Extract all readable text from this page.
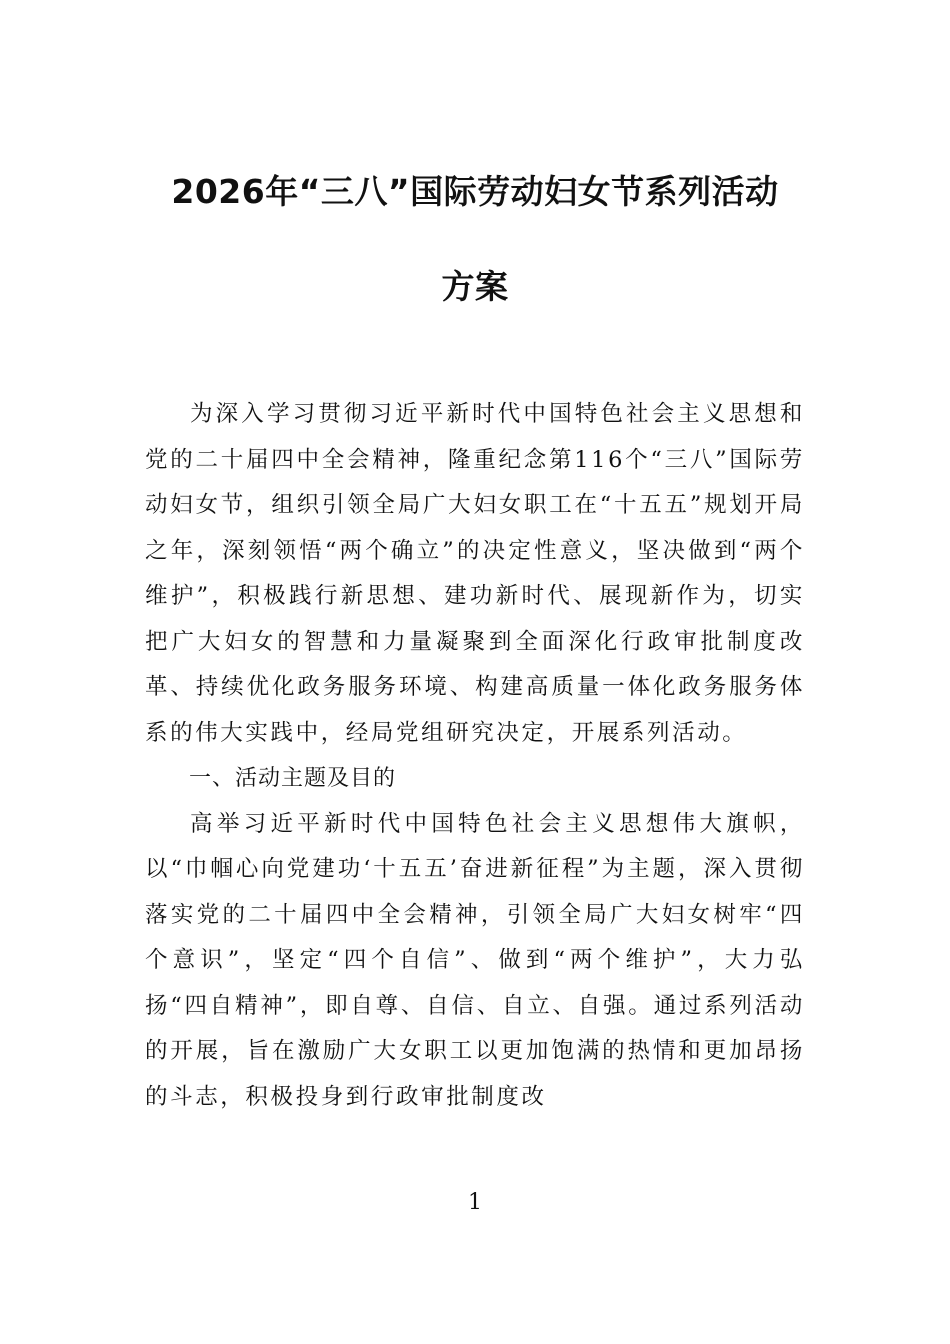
2026年“三八”国际劳动妇女节系列活动
方案

为深入学习贯彻习近平新时代中国特色社会主义思想和党的二十届四中全会精神，隆重纪念第116个“三八”国际劳动妇女节，组织引领全局广大妇女职工在“十五五”规划开局之年，深刻领悟“两个确立”的决定性意义，坚决做到“两个维护”，积极践行新思想、建功新时代、展现新作为，切实把广大妇女的智慧和力量凝聚到全面深化行政审批制度改革、持续优化政务服务环境、构建高质量一体化政务服务体系的伟大实践中，经局党组研究决定，开展系列活动。

一、活动主题及目的

高举习近平新时代中国特色社会主义思想伟大旗帜，以“巾帼心向党建功‘十五五’奋进新征程”为主题，深入贯彻落实党的二十届四中全会精神，引领全局广大妇女树牢“四个意识”，坚定“四个自信”、做到“两个维护”，大力弘扬“四自精神”，即自尊、自信、自立、自强。通过系列活动的开展，旨在激励广大女职工以更加饱满的热情和更加昂扬的斗志，积极投身到行政审批制度改

1
